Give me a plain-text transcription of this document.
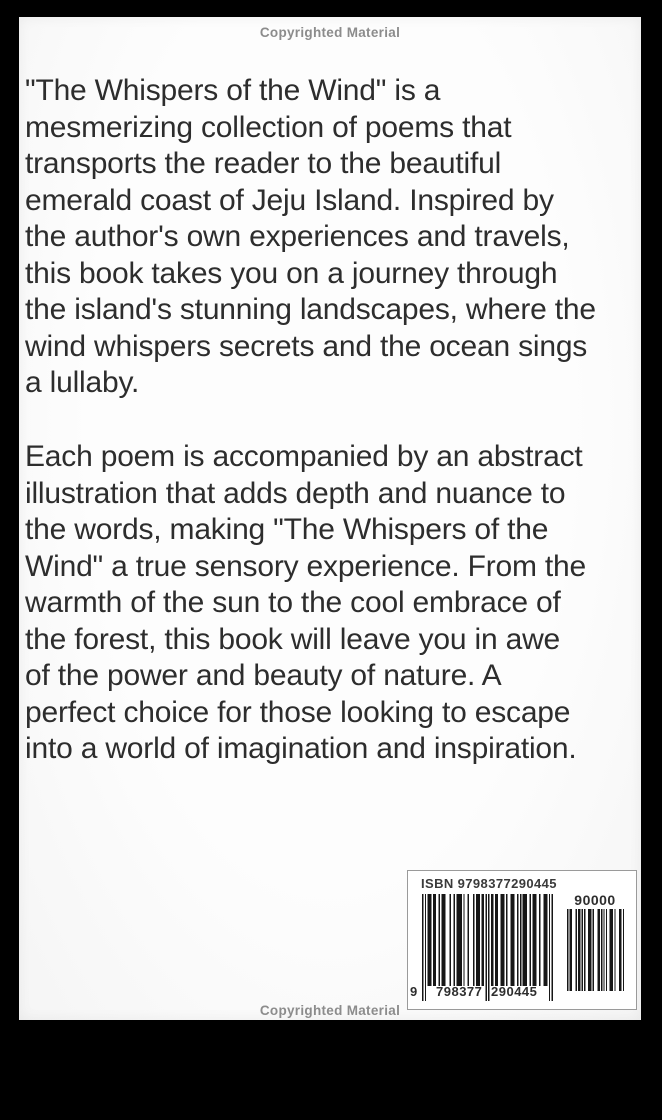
Copyrighted Material
"The Whispers of the Wind" is a
mesmerizing collection of poems that
transports the reader to the beautiful
emerald coast of Jeju Island. Inspired by
the author's own experiences and travels,
this book takes you on a journey through
the island's stunning landscapes, where the
wind whispers secrets and the ocean sings
a lullaby.
Each poem is accompanied by an abstract
illustration that adds depth and nuance to
the words, making "The Whispers of the
Wind" a true sensory experience. From the
warmth of the sun to the cool embrace of
the forest, this book will leave you in awe
of the power and beauty of nature. A
perfect choice for those looking to escape
into a world of imagination and inspiration.
ISBN 9798377290445
9 798377 290445
90000
Copyrighted Material
